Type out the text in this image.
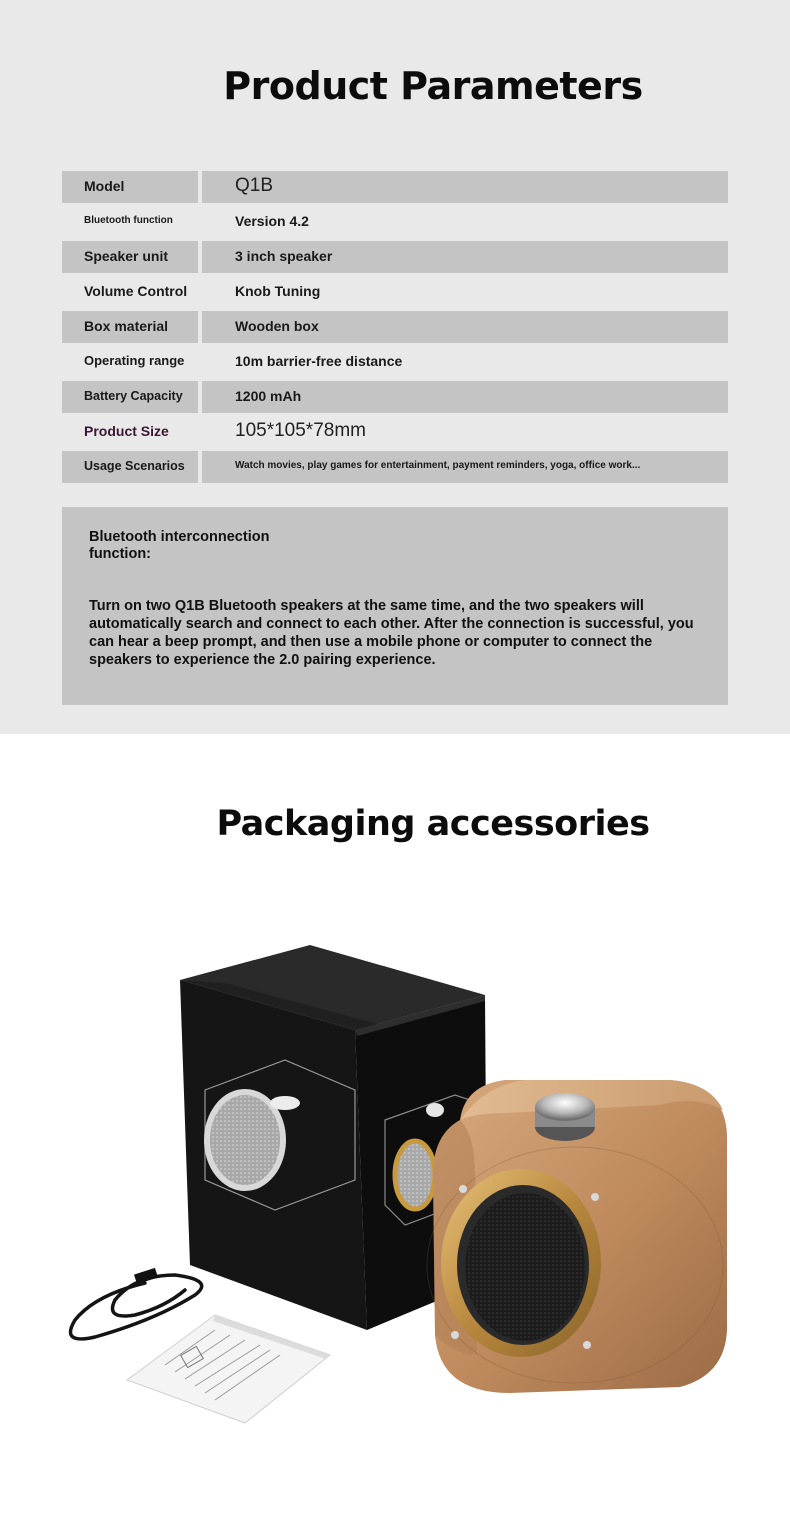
Product Parameters
Model	Q1B
Bluetooth function	Version 4.2
Speaker unit	3 inch speaker
Volume Control	Knob Tuning
Box material	Wooden box
Operating range	10m barrier-free distance
Battery Capacity	1200 mAh
Product Size	105*105*78mm
Usage Scenarios	Watch movies, play games for entertainment, payment reminders, yoga, office work...
Bluetooth interconnection function:
Turn on two Q1B Bluetooth speakers at the same time, and the two speakers will automatically search and connect to each other. After the connection is successful, you can hear a beep prompt, and then use a mobile phone or computer to connect the speakers to experience the 2.0 pairing experience.
Packaging accessories
